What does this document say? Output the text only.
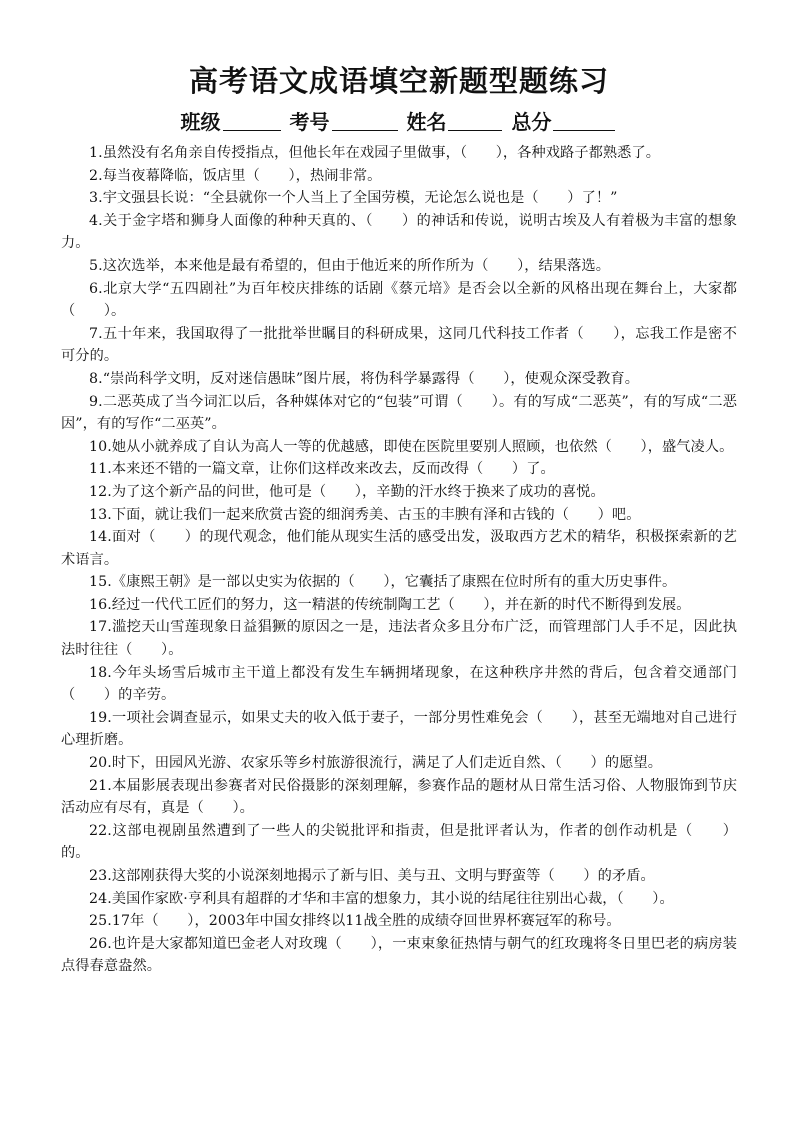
高考语文成语填空新题型题练习
班级	考号	姓名	总分

1.虽然没有名角亲自传授指点，但他长年在戏园子里做事，（　　），各种戏路子都熟悉了。

2.每当夜幕降临，饭店里（　　），热闹非常。

3.宇文强县长说：“全县就你一个人当上了全国劳模，无论怎么说也是（　　）了！”

4.关于金字塔和狮身人面像的种种天真的、（　　）的神话和传说，说明古埃及人有着极为丰富的想象力。

5.这次选举，本来他是最有希望的，但由于他近来的所作所为（　　），结果落选。

6.北京大学“五四剧社”为百年校庆排练的话剧《蔡元培》是否会以全新的风格出现在舞台上，大家都（　　）。

7.五十年来，我国取得了一批批举世瞩目的科研成果，这同几代科技工作者（　　），忘我工作是密不可分的。

8.“崇尚科学文明，反对迷信愚昧”图片展，将伪科学暴露得（　　），使观众深受教育。

9.二恶英成了当今词汇以后，各种媒体对它的“包装”可谓（　　）。有的写成“二恶英”，有的写成“二恶因”，有的写作“二巫英”。

10.她从小就养成了自认为高人一等的优越感，即使在医院里要别人照顾，也依然（　　），盛气凌人。

11.本来还不错的一篇文章，让你们这样改来改去，反而改得（　　）了。

12.为了这个新产品的问世，他可是（　　），辛勤的汗水终于换来了成功的喜悦。

13.下面，就让我们一起来欣赏古瓷的细润秀美、古玉的丰腴有泽和古钱的（　　）吧。

14.面对（　　）的现代观念，他们能从现实生活的感受出发，汲取西方艺术的精华，积极探索新的艺术语言。

15.《康熙王朝》是一部以史实为依据的（　　），它囊括了康熙在位时所有的重大历史事件。

16.经过一代代工匠们的努力，这一精湛的传统制陶工艺（　　），并在新的时代不断得到发展。

17.滥挖天山雪莲现象日益猖獗的原因之一是，违法者众多且分布广泛，而管理部门人手不足，因此执法时往往（　　）。

18.今年头场雪后城市主干道上都没有发生车辆拥堵现象，在这种秩序井然的背后，包含着交通部门（　　）的辛劳。

19.一项社会调查显示，如果丈夫的收入低于妻子，一部分男性难免会（　　），甚至无端地对自己进行心理折磨。

20.时下，田园风光游、农家乐等乡村旅游很流行，满足了人们走近自然、（　　）的愿望。

21.本届影展表现出参赛者对民俗摄影的深刻理解，参赛作品的题材从日常生活习俗、人物服饰到节庆活动应有尽有，真是（　　）。

22.这部电视剧虽然遭到了一些人的尖锐批评和指责，但是批评者认为，作者的创作动机是（　　）的。

23.这部刚获得大奖的小说深刻地揭示了新与旧、美与丑、文明与野蛮等（　　）的矛盾。

24.美国作家欧·亨利具有超群的才华和丰富的想象力，其小说的结尾往往别出心裁，（　　）。

25.17年（　　），2003年中国女排终以11战全胜的成绩夺回世界杯赛冠军的称号。

26.也许是大家都知道巴金老人对玫瑰（　　），一束束象征热情与朝气的红玫瑰将冬日里巴老的病房装点得春意盎然。
